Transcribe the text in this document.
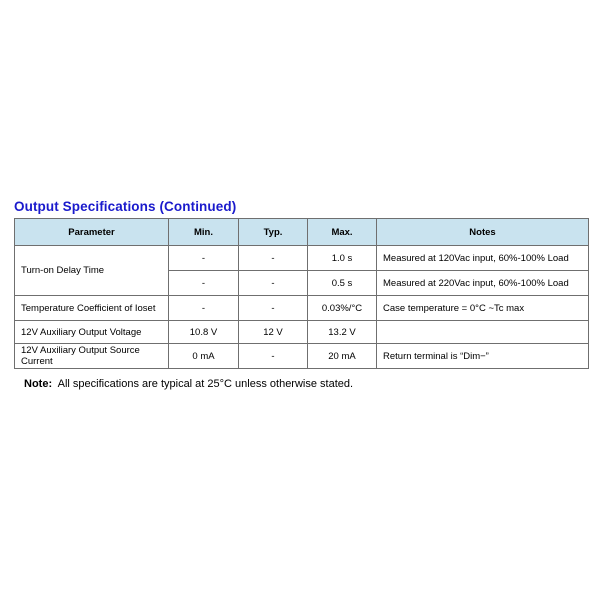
Output Specifications (Continued)
Parameter	Min.	Typ.	Max.	Notes
Turn-on Delay Time	-	-	1.0 s	Measured at 120Vac input, 60%-100% Load
	-	-	0.5 s	Measured at 220Vac input, 60%-100% Load
Temperature Coefficient of Ioset	-	-	0.03%/°C	Case temperature = 0°C ~Tc max
12V Auxiliary Output Voltage	10.8 V	12 V	13.2 V	
12V Auxiliary Output Source Current	0 mA	-	20 mA	Return terminal is “Dim−”
Note: All specifications are typical at 25°C unless otherwise stated.
